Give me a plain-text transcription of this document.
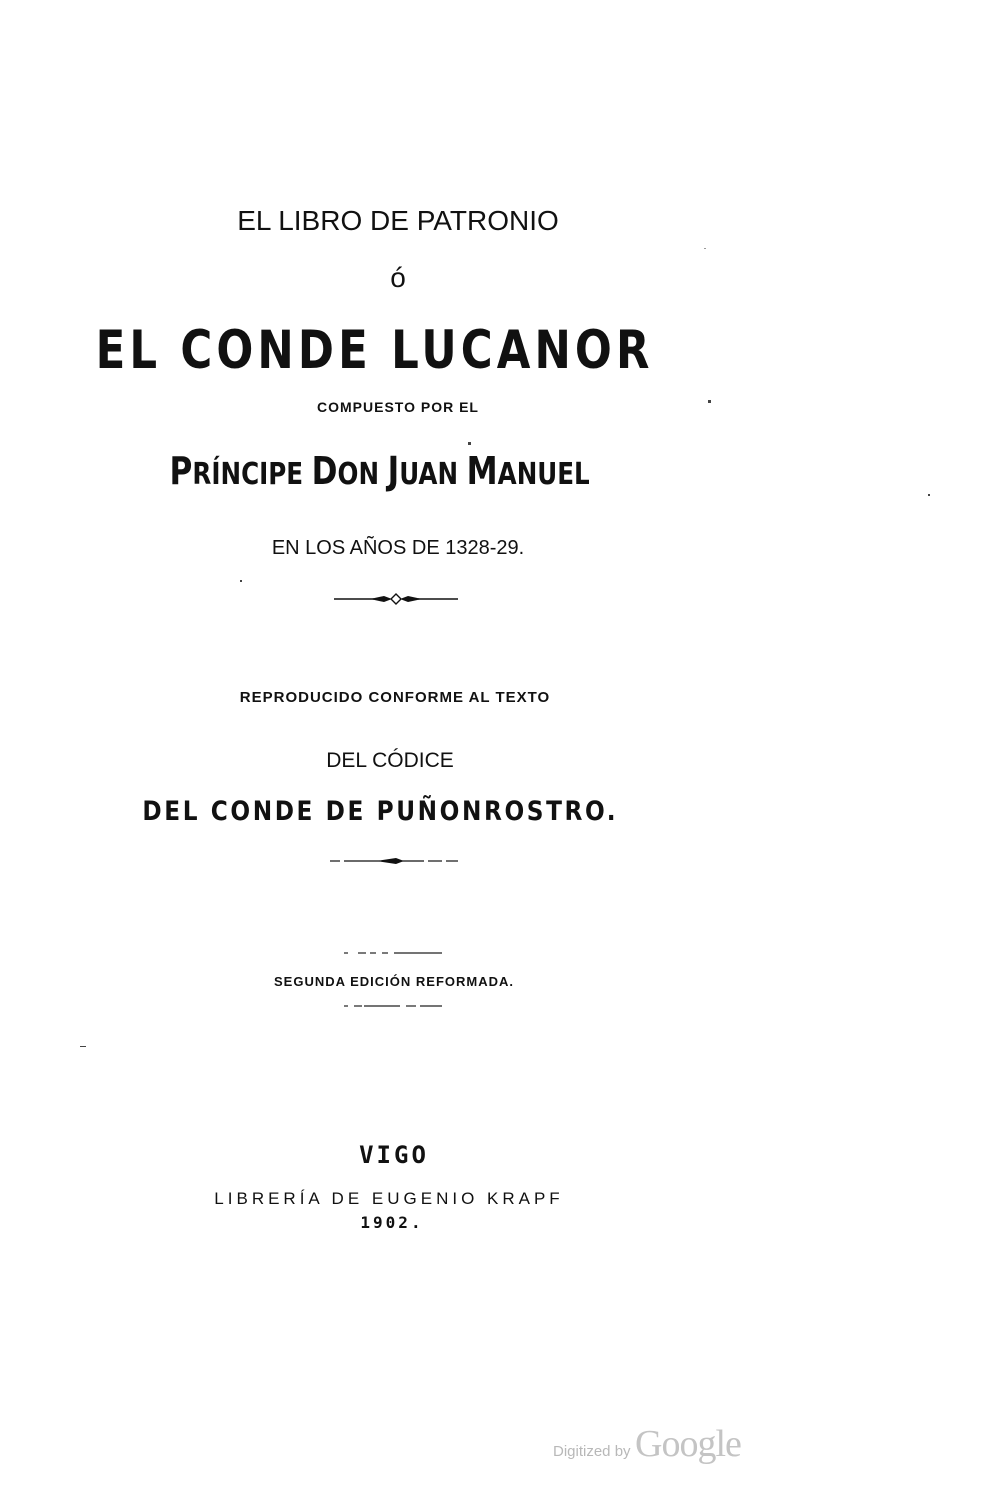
EL LIBRO DE PATRONIO
ó
EL CONDE LUCANOR
COMPUESTO POR EL
PRÍNCIPE DON JUAN MANUEL
EN LOS AÑOS DE 1328-29.
REPRODUCIDO CONFORME AL TEXTO
DEL CÓDICE
DEL CONDE DE PUÑONROSTRO.
SEGUNDA EDICIÓN REFORMADA.
VIGO
LIBRERÍA DE EUGENIO KRAPF
1902.
Digitized by Google
